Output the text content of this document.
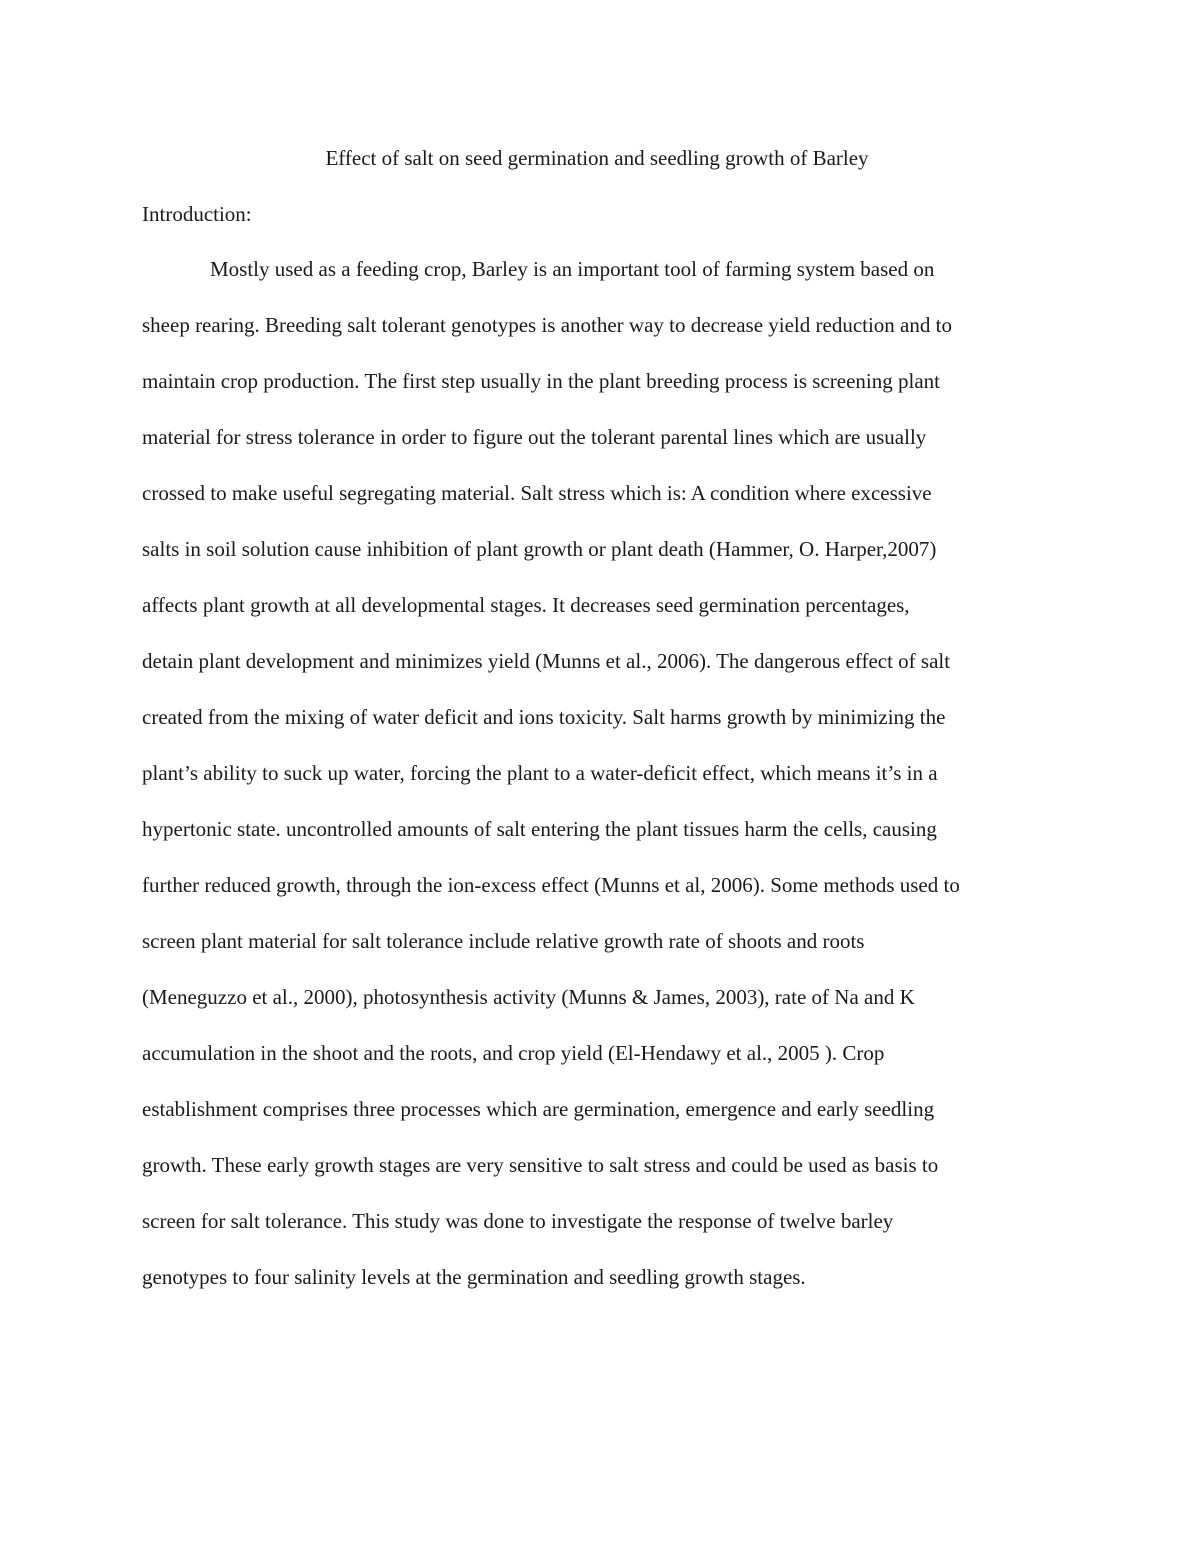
Effect of salt on seed germination and seedling growth of Barley
Introduction:
Mostly used as a feeding crop, Barley is an important tool of farming system based on
sheep rearing. Breeding salt tolerant genotypes is another way to decrease yield reduction and to
maintain crop production. The first step usually in the plant breeding process is screening plant
material for stress tolerance in order to figure out the tolerant parental lines which are usually
crossed to make useful segregating material. Salt stress which is: A condition where excessive
salts in soil solution cause inhibition of plant growth or plant death (Hammer, O. Harper,2007)
affects plant growth at all developmental stages. It decreases seed germination percentages,
detain plant development and minimizes yield (Munns et al., 2006). The dangerous effect of salt
created from the mixing of water deficit and ions toxicity. Salt harms growth by minimizing the
plant’s ability to suck up water, forcing the plant to a water-deficit effect, which means it’s in a
hypertonic state. uncontrolled amounts of salt entering the plant tissues harm the cells, causing
further reduced growth, through the ion-excess effect (Munns et al, 2006). Some methods used to
screen plant material for salt tolerance include relative growth rate of shoots and roots
(Meneguzzo et al., 2000), photosynthesis activity (Munns & James, 2003), rate of Na and K
accumulation in the shoot and the roots, and crop yield (El-Hendawy et al., 2005 ). Crop
establishment comprises three processes which are germination, emergence and early seedling
growth. These early growth stages are very sensitive to salt stress and could be used as basis to
screen for salt tolerance. This study was done to investigate the response of twelve barley
genotypes to four salinity levels at the germination and seedling growth stages.
